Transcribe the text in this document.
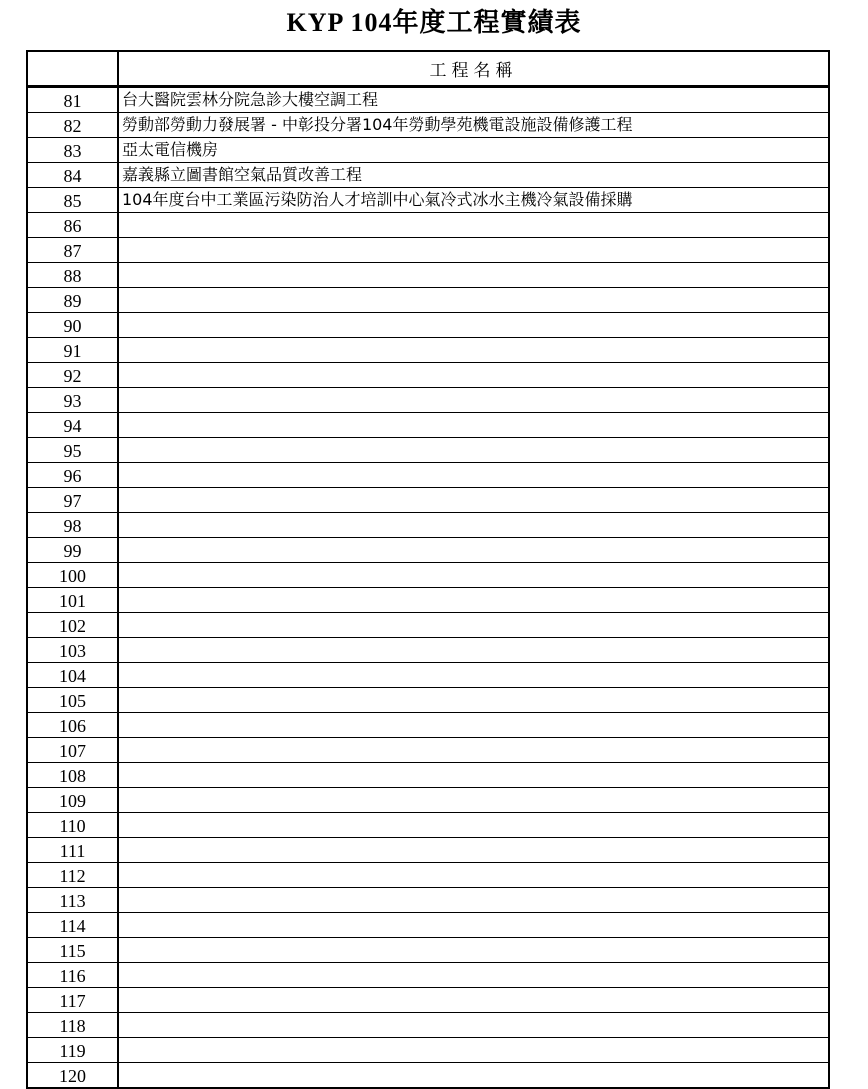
KYP 104年度工程實績表
	工程名稱
81	台大醫院雲林分院急診大樓空調工程
82	勞動部勞動力發展署 - 中彰投分署104年勞動學苑機電設施設備修護工程
83	亞太電信機房
84	嘉義縣立圖書館空氣品質改善工程
85	104年度台中工業區污染防治人才培訓中心氣冷式冰水主機冷氣設備採購
86	
87	
88	
89	
90	
91	
92	
93	
94	
95	
96	
97	
98	
99	
100	
101	
102	
103	
104	
105	
106	
107	
108	
109	
110	
111	
112	
113	
114	
115	
116	
117	
118	
119	
120	
